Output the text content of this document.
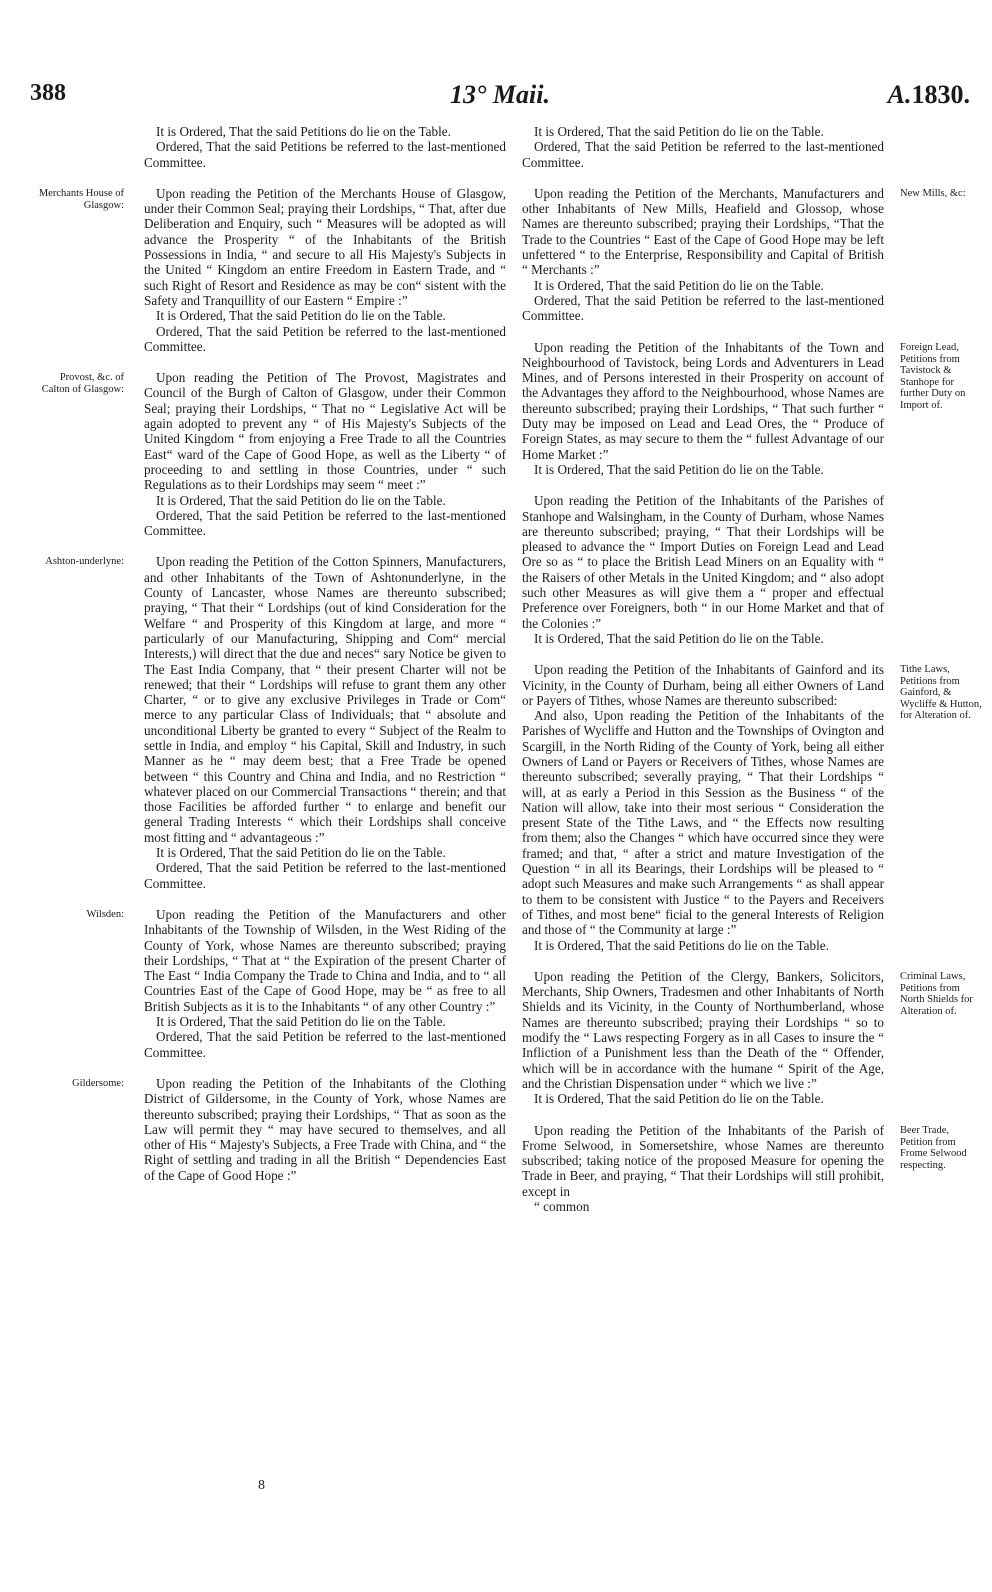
388	13° Maii.	A.1830.

It is Ordered, That the said Petitions do lie on the Table.

Ordered, That the said Petitions be referred to the last-mentioned Committee.

Upon reading the Petition of the Merchants House of Glasgow, under their Common Seal; praying their Lordships, “ That, after due Deliberation and Enquiry, such “ Measures will be adopted as will advance the Prosperity “ of the Inhabitants of the British Possessions in India, “ and secure to all His Majesty's Subjects in the United “ Kingdom an entire Freedom in Eastern Trade, and “ such Right of Resort and Residence as may be con“ sistent with the Safety and Tranquillity of our Eastern “ Empire :”

It is Ordered, That the said Petition do lie on the Table.

Ordered, That the said Petition be referred to the last-mentioned Committee.

Upon reading the Petition of The Provost, Magistrates and Council of the Burgh of Calton of Glasgow, under their Common Seal; praying their Lordships, “ That no “ Legislative Act will be again adopted to prevent any “ of His Majesty's Subjects of the United Kingdom “ from enjoying a Free Trade to all the Countries East“ ward of the Cape of Good Hope, as well as the Liberty “ of proceeding to and settling in those Countries, under “ such Regulations as to their Lordships may seem “ meet :”

It is Ordered, That the said Petition do lie on the Table.

Ordered, That the said Petition be referred to the last-mentioned Committee.

Upon reading the Petition of the Cotton Spinners, Manufacturers, and other Inhabitants of the Town of Ashtonunderlyne, in the County of Lancaster, whose Names are thereunto subscribed; praying, “ That their “ Lordships (out of kind Consideration for the Welfare “ and Prosperity of this Kingdom at large, and more “ particularly of our Manufacturing, Shipping and Com“ mercial Interests,) will direct that the due and neces“ sary Notice be given to The East India Company, that “ their present Charter will not be renewed; that their “ Lordships will refuse to grant them any other Charter, “ or to give any exclusive Privileges in Trade or Com“ merce to any particular Class of Individuals; that “ absolute and unconditional Liberty be granted to every “ Subject of the Realm to settle in India, and employ “ his Capital, Skill and Industry, in such Manner as he “ may deem best; that a Free Trade be opened between “ this Country and China and India, and no Restriction “ whatever placed on our Commercial Transactions “ therein; and that those Facilities be afforded further “ to enlarge and benefit our general Trading Interests “ which their Lordships shall conceive most fitting and “ advantageous :”

It is Ordered, That the said Petition do lie on the Table.

Ordered, That the said Petition be referred to the last-mentioned Committee.

Upon reading the Petition of the Manufacturers and other Inhabitants of the Township of Wilsden, in the West Riding of the County of York, whose Names are thereunto subscribed; praying their Lordships, “ That at “ the Expiration of the present Charter of The East “ India Company the Trade to China and India, and to “ all Countries East of the Cape of Good Hope, may be “ as free to all British Subjects as it is to the Inhabitants “ of any other Country :”

It is Ordered, That the said Petition do lie on the Table.

Ordered, That the said Petition be referred to the last-mentioned Committee.

Upon reading the Petition of the Inhabitants of the Clothing District of Gildersome, in the County of York, whose Names are thereunto subscribed; praying their Lordships, “ That as soon as the Law will permit they “ may have secured to themselves, and all other of His “ Majesty's Subjects, a Free Trade with China, and “ the Right of settling and trading in all the British “ Dependencies East of the Cape of Good Hope :”

It is Ordered, That the said Petition do lie on the Table.

Ordered, That the said Petition be referred to the last-mentioned Committee.

Upon reading the Petition of the Merchants, Manufacturers and other Inhabitants of New Mills, Heafield and Glossop, whose Names are thereunto subscribed; praying their Lordships, “That the Trade to the Countries “ East of the Cape of Good Hope may be left unfettered “ to the Enterprise, Responsibility and Capital of British “ Merchants :”

It is Ordered, That the said Petition do lie on the Table.

Ordered, That the said Petition be referred to the last-mentioned Committee.

Upon reading the Petition of the Inhabitants of the Town and Neighbourhood of Tavistock, being Lords and Adventurers in Lead Mines, and of Persons interested in their Prosperity on account of the Advantages they afford to the Neighbourhood, whose Names are thereunto subscribed; praying their Lordships, “ That such further “ Duty may be imposed on Lead and Lead Ores, the “ Produce of Foreign States, as may secure to them the “ fullest Advantage of our Home Market :”

It is Ordered, That the said Petition do lie on the Table.

Upon reading the Petition of the Inhabitants of the Parishes of Stanhope and Walsingham, in the County of Durham, whose Names are thereunto subscribed; praying, “ That their Lordships will be pleased to advance the “ Import Duties on Foreign Lead and Lead Ore so as “ to place the British Lead Miners on an Equality with “ the Raisers of other Metals in the United Kingdom; and “ also adopt such other Measures as will give them a “ proper and effectual Preference over Foreigners, both “ in our Home Market and that of the Colonies :”

It is Ordered, That the said Petition do lie on the Table.

Upon reading the Petition of the Inhabitants of Gainford and its Vicinity, in the County of Durham, being all either Owners of Land or Payers of Tithes, whose Names are thereunto subscribed:

And also, Upon reading the Petition of the Inhabitants of the Parishes of Wycliffe and Hutton and the Townships of Ovington and Scargill, in the North Riding of the County of York, being all either Owners of Land or Payers or Receivers of Tithes, whose Names are thereunto subscribed; severally praying, “ That their Lordships “ will, at as early a Period in this Session as the Business “ of the Nation will allow, take into their most serious “ Consideration the present State of the Tithe Laws, and “ the Effects now resulting from them; also the Changes “ which have occurred since they were framed; and that, “ after a strict and mature Investigation of the Question “ in all its Bearings, their Lordships will be pleased to “ adopt such Measures and make such Arrangements “ as shall appear to them to be consistent with Justice “ to the Payers and Receivers of Tithes, and most bene“ ficial to the general Interests of Religion and those of “ the Community at large :”

It is Ordered, That the said Petitions do lie on the Table.

Upon reading the Petition of the Clergy, Bankers, Solicitors, Merchants, Ship Owners, Tradesmen and other Inhabitants of North Shields and its Vicinity, in the County of Northumberland, whose Names are thereunto subscribed; praying their Lordships “ so to modify the “ Laws respecting Forgery as in all Cases to insure the “ Infliction of a Punishment less than the Death of the “ Offender, which will be in accordance with the humane “ Spirit of the Age, and the Christian Dispensation under “ which we live :”

It is Ordered, That the said Petition do lie on the Table.

Upon reading the Petition of the Inhabitants of the Parish of Frome Selwood, in Somersetshire, whose Names are thereunto subscribed; taking notice of the proposed Measure for opening the Trade in Beer, and praying, “ That their Lordships will still prohibit, except in

“ common

Merchants House of Glasgow:
Provost, &c. of Calton of Glasgow:
Ashton-underlyne:
Wilsden:
Gildersome:
New Mills, &c:
Foreign Lead, Petitions from Tavistock & Stanhope for further Duty on Import of.
Tithe Laws, Petitions from Gainford, & Wycliffe & Hutton, for Alteration of.
Criminal Laws, Petitions from North Shields for Alteration of.
Beer Trade, Petition from Frome Selwood respecting.
8
